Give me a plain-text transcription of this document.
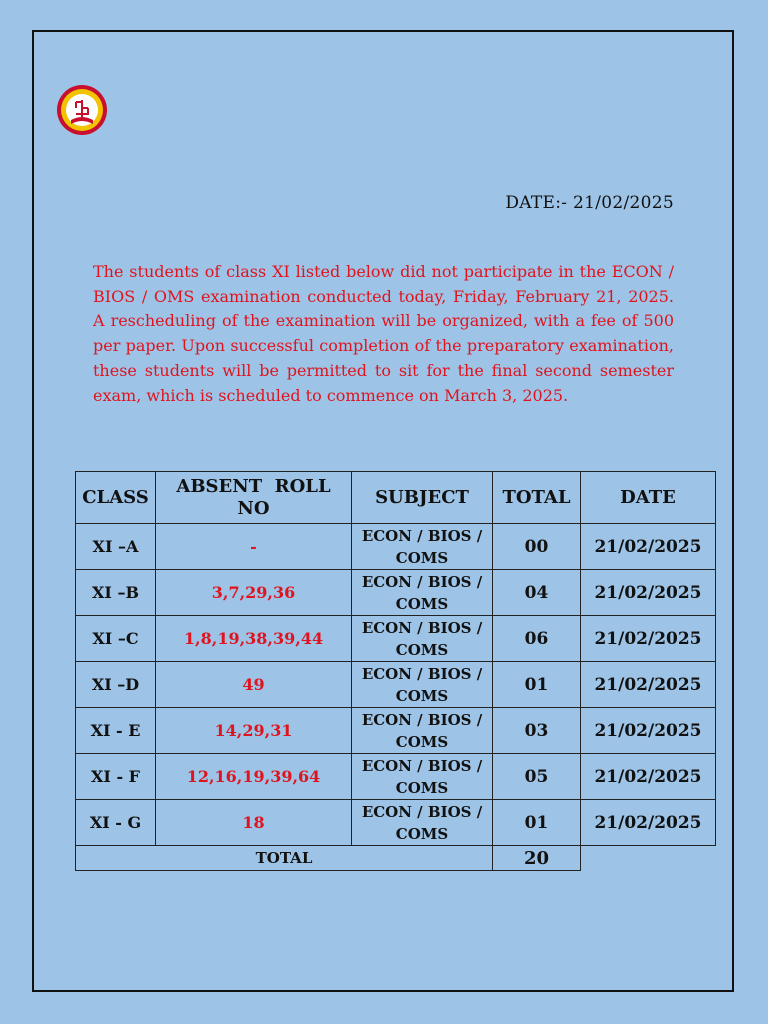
DATE:- 21/02/2025

The students of class XI listed below did not participate in the ECON / BIOS / OMS examination conducted today, Friday, February 21, 2025. A rescheduling of the examination will be organized, with a fee of 500 per paper. Upon successful completion of the preparatory examination, these students will be permitted to sit for the final second semester exam, which is scheduled to commence on March 3, 2025.

CLASS	ABSENT  ROLL NO	SUBJECT	TOTAL	DATE
XI –A	-	ECON / BIOS / COMS	00	21/02/2025
XI –B	3,7,29,36	ECON / BIOS / COMS	04	21/02/2025
XI –C	1,8,19,38,39,44	ECON / BIOS / COMS	06	21/02/2025
XI –D	49	ECON / BIOS / COMS	01	21/02/2025
XI - E	14,29,31	ECON / BIOS / COMS	03	21/02/2025
XI - F	12,16,19,39,64	ECON / BIOS / COMS	05	21/02/2025
XI - G	18	ECON / BIOS / COMS	01	21/02/2025
TOTAL			20	
